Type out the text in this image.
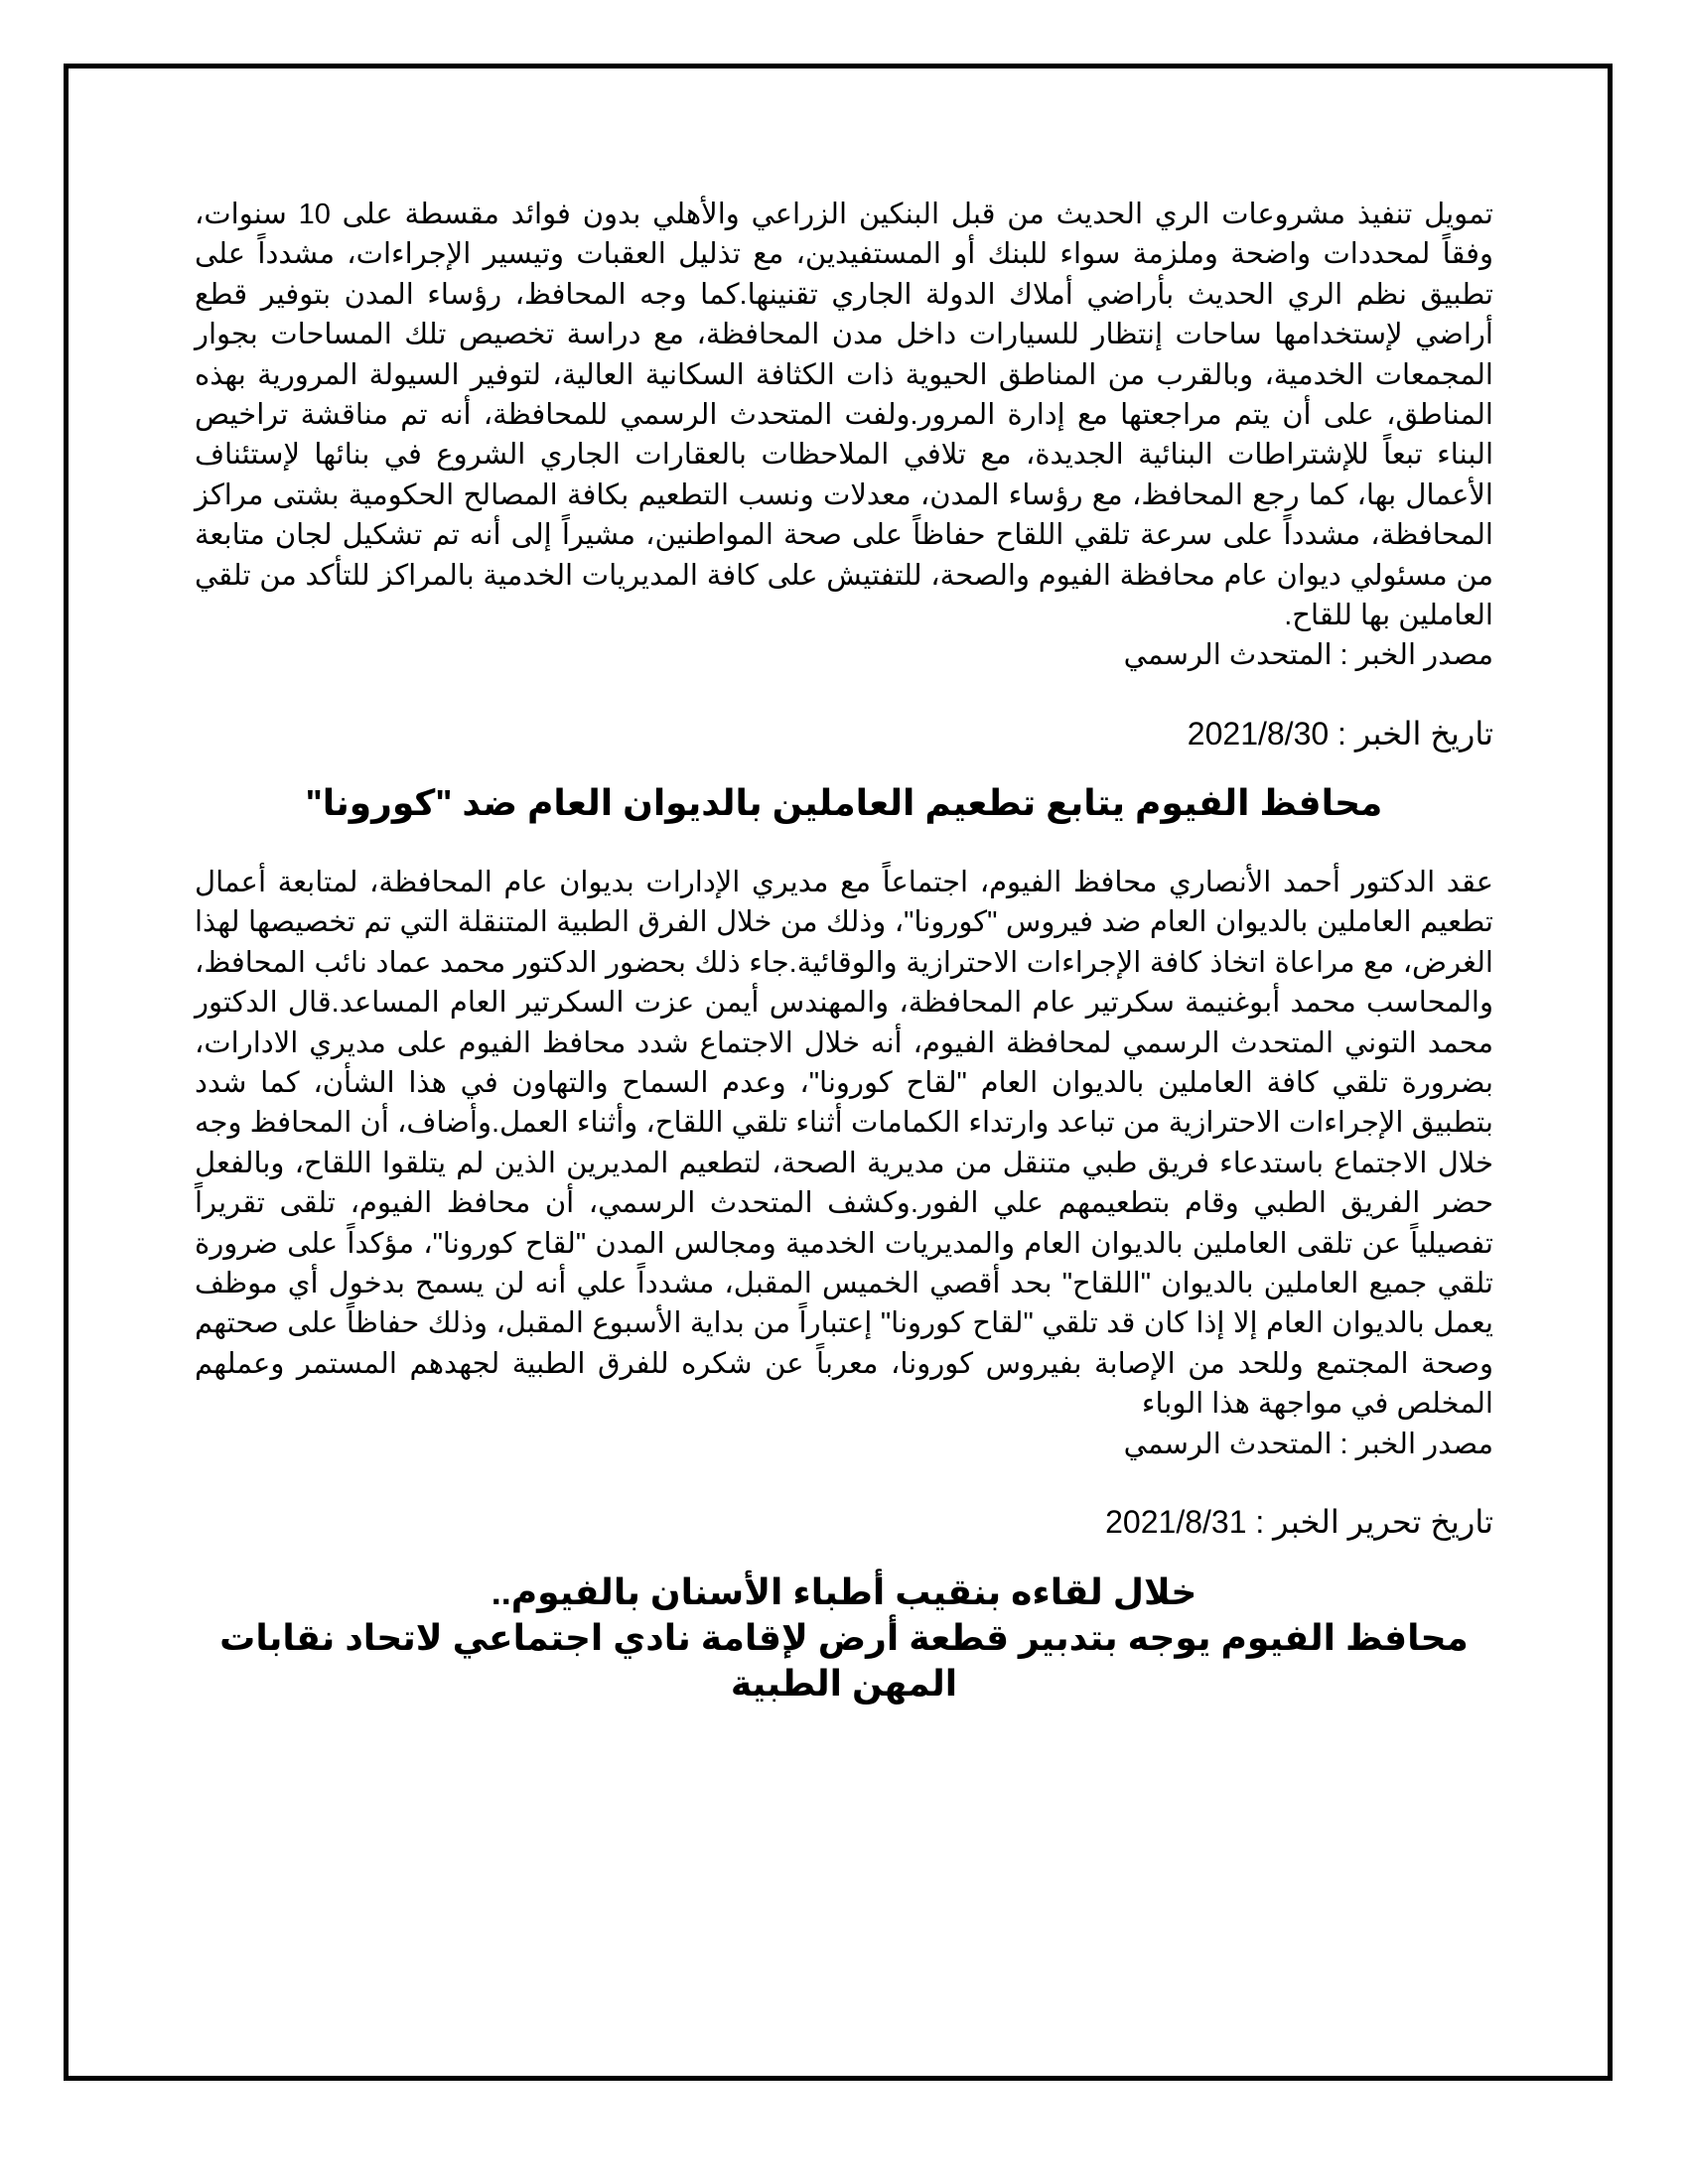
تمويل تنفيذ مشروعات الري الحديث من قبل البنكين الزراعي والأهلي بدون فوائد مقسطة على 10 سنوات، وفقاً لمحددات واضحة وملزمة سواء للبنك أو المستفيدين، مع تذليل العقبات وتيسير الإجراءات، مشدداً على تطبيق نظم الري الحديث بأراضي أملاك الدولة الجاري تقنينها.كما وجه المحافظ، رؤساء المدن بتوفير قطع أراضي لإستخدامها ساحات إنتظار للسيارات داخل مدن المحافظة، مع دراسة تخصيص تلك المساحات بجوار المجمعات الخدمية، وبالقرب من المناطق الحيوية ذات الكثافة السكانية العالية، لتوفير السيولة المرورية بهذه المناطق، على أن يتم مراجعتها مع إدارة المرور.ولفت المتحدث الرسمي للمحافظة، أنه تم مناقشة تراخيص البناء تبعاً للإشتراطات البنائية الجديدة، مع تلافي الملاحظات بالعقارات الجاري الشروع في بنائها لإستئناف الأعمال بها، كما رجع المحافظ، مع رؤساء المدن، معدلات ونسب التطعيم بكافة المصالح الحكومية بشتى مراكز المحافظة، مشدداً على سرعة تلقي اللقاح حفاظاً على صحة المواطنين، مشيراً إلى أنه تم تشكيل لجان متابعة من مسئولي ديوان عام محافظة الفيوم والصحة، للتفتيش على كافة المديريات الخدمية بالمراكز للتأكد من تلقي العاملين بها للقاح.

مصدر الخبر : المتحدث الرسمي

تاريخ الخبر : 2021/8/30

محافظ الفيوم يتابع تطعيم العاملين بالديوان العام ضد "كورونا"

عقد الدكتور أحمد الأنصاري محافظ الفيوم، اجتماعاً مع مديري الإدارات بديوان عام المحافظة، لمتابعة أعمال تطعيم العاملين بالديوان العام ضد فيروس "كورونا"، وذلك من خلال الفرق الطبية المتنقلة التي تم تخصيصها لهذا الغرض، مع مراعاة اتخاذ كافة الإجراءات الاحترازية والوقائية.جاء ذلك بحضور الدكتور محمد عماد نائب المحافظ، والمحاسب محمد أبوغنيمة سكرتير عام المحافظة، والمهندس أيمن عزت السكرتير العام المساعد.قال الدكتور محمد التوني المتحدث الرسمي لمحافظة الفيوم، أنه خلال الاجتماع شدد محافظ الفيوم على مديري الادارات، بضرورة تلقي كافة العاملين بالديوان العام "لقاح كورونا"، وعدم السماح والتهاون في هذا الشأن، كما شدد بتطبيق الإجراءات الاحترازية من تباعد وارتداء الكمامات أثناء تلقي اللقاح، وأثناء العمل.وأضاف، أن المحافظ وجه خلال الاجتماع باستدعاء فريق طبي متنقل من مديرية الصحة، لتطعيم المديرين الذين لم يتلقوا اللقاح، وبالفعل حضر الفريق الطبي وقام بتطعيمهم علي الفور.وكشف المتحدث الرسمي، أن محافظ الفيوم، تلقى تقريراً تفصيلياً عن تلقى العاملين بالديوان العام والمديريات الخدمية ومجالس المدن "لقاح كورونا"، مؤكداً على ضرورة تلقي جميع العاملين بالديوان "اللقاح" بحد أقصي الخميس المقبل، مشدداً علي أنه لن يسمح بدخول أي موظف يعمل بالديوان العام إلا إذا كان قد تلقي "لقاح كورونا" إعتباراً من بداية الأسبوع المقبل، وذلك حفاظاً على صحتهم وصحة المجتمع وللحد من الإصابة بفيروس كورونا، معرباً عن شكره للفرق الطبية لجهدهم المستمر وعملهم المخلص في مواجهة هذا الوباء

مصدر الخبر : المتحدث الرسمي

تاريخ تحرير الخبر : 2021/8/31

خلال لقاءه بنقيب أطباء الأسنان بالفيوم..
محافظ الفيوم يوجه بتدبير قطعة أرض لإقامة نادي اجتماعي لاتحاد نقابات المهن الطبية
